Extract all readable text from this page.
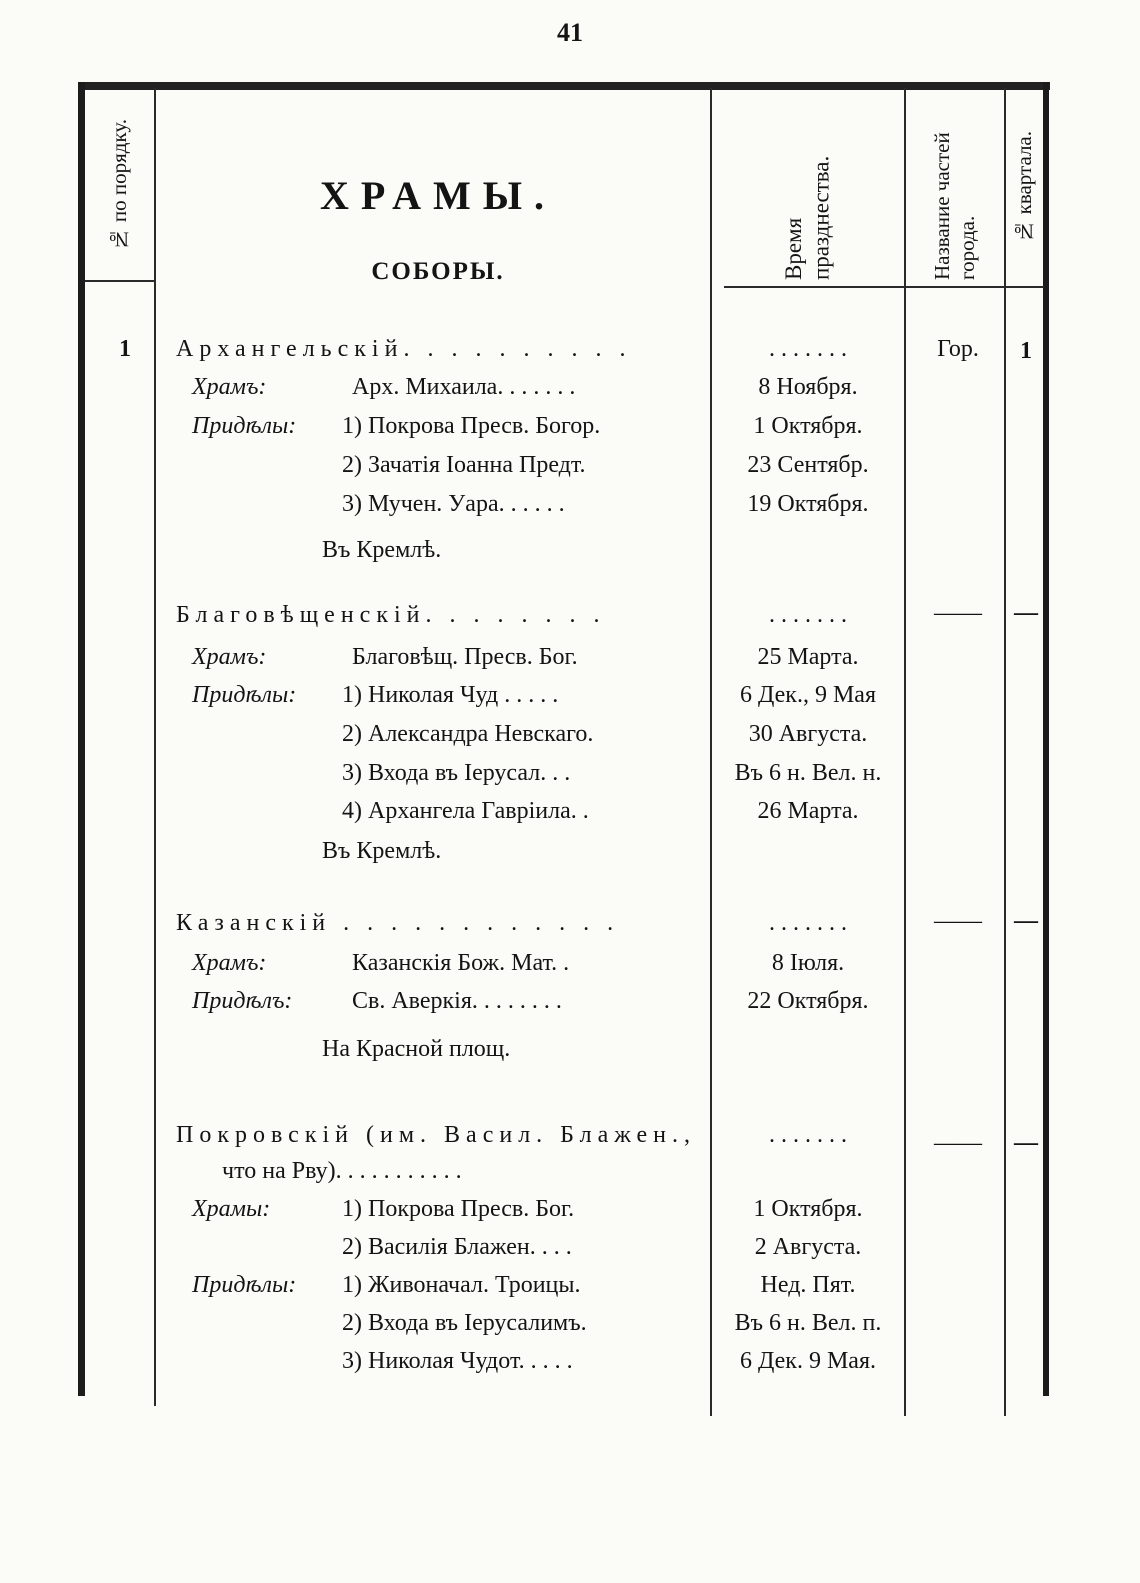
41
№ по порядку.	ХРАМЫ.
СОБОРЫ.	Время празднества.	Название частей города.
№ квартала.
1	Архангельскій. . . . . . . . . .	. . . . . . .	Гор.	1
Храмъ:	Арх. Михаила. . . . . . .	8 Ноября.
Придѣлы: 1) Покрова Пресв. Богор.	1 Октября.
2) Зачатія Іоанна Предт.	23 Сентябр.
3) Мучен. Уара. . . . . .	19 Октября.
Въ Кремлѣ.
Благовѣщенскій. . . . . . . .	. . . . . . .	——	—
Храмъ:	Благовѣщ. Пресв. Бог.	25 Марта.
Придѣлы: 1) Николая Чуд . . . . .	6 Дек., 9 Мая
2) Александра Невскаго.	30 Августа.
3) Входа въ Іерусал. . .	Въ 6 н. Вел. н.
4) Архангела Гавріила. .	26 Марта.
Въ Кремлѣ.
Казанскій . . . . . . . . . . . .	. . . . . . .	——	—
Храмъ:	Казанскія Бож. Мат. .	8 Іюля.
Придѣлъ: Св. Аверкія. . . . . . . .	22 Октября.
На Красной площ.
Покровскій (им. Васил. Блажен.,	. . . . . . .	——	—
что на Рву). . . . . . . . . . .
Храмы:	1) Покрова Пресв. Бог.	1 Октября.
2) Василія Блажен. . . .	2 Августа.
Придѣлы: 1) Живоначал. Троицы.	Нед. Пят.
2) Входа въ Іерусалимъ.	Въ 6 н. Вел. п.
3) Николая Чудот. . . . .	6 Дек. 9 Мая.
